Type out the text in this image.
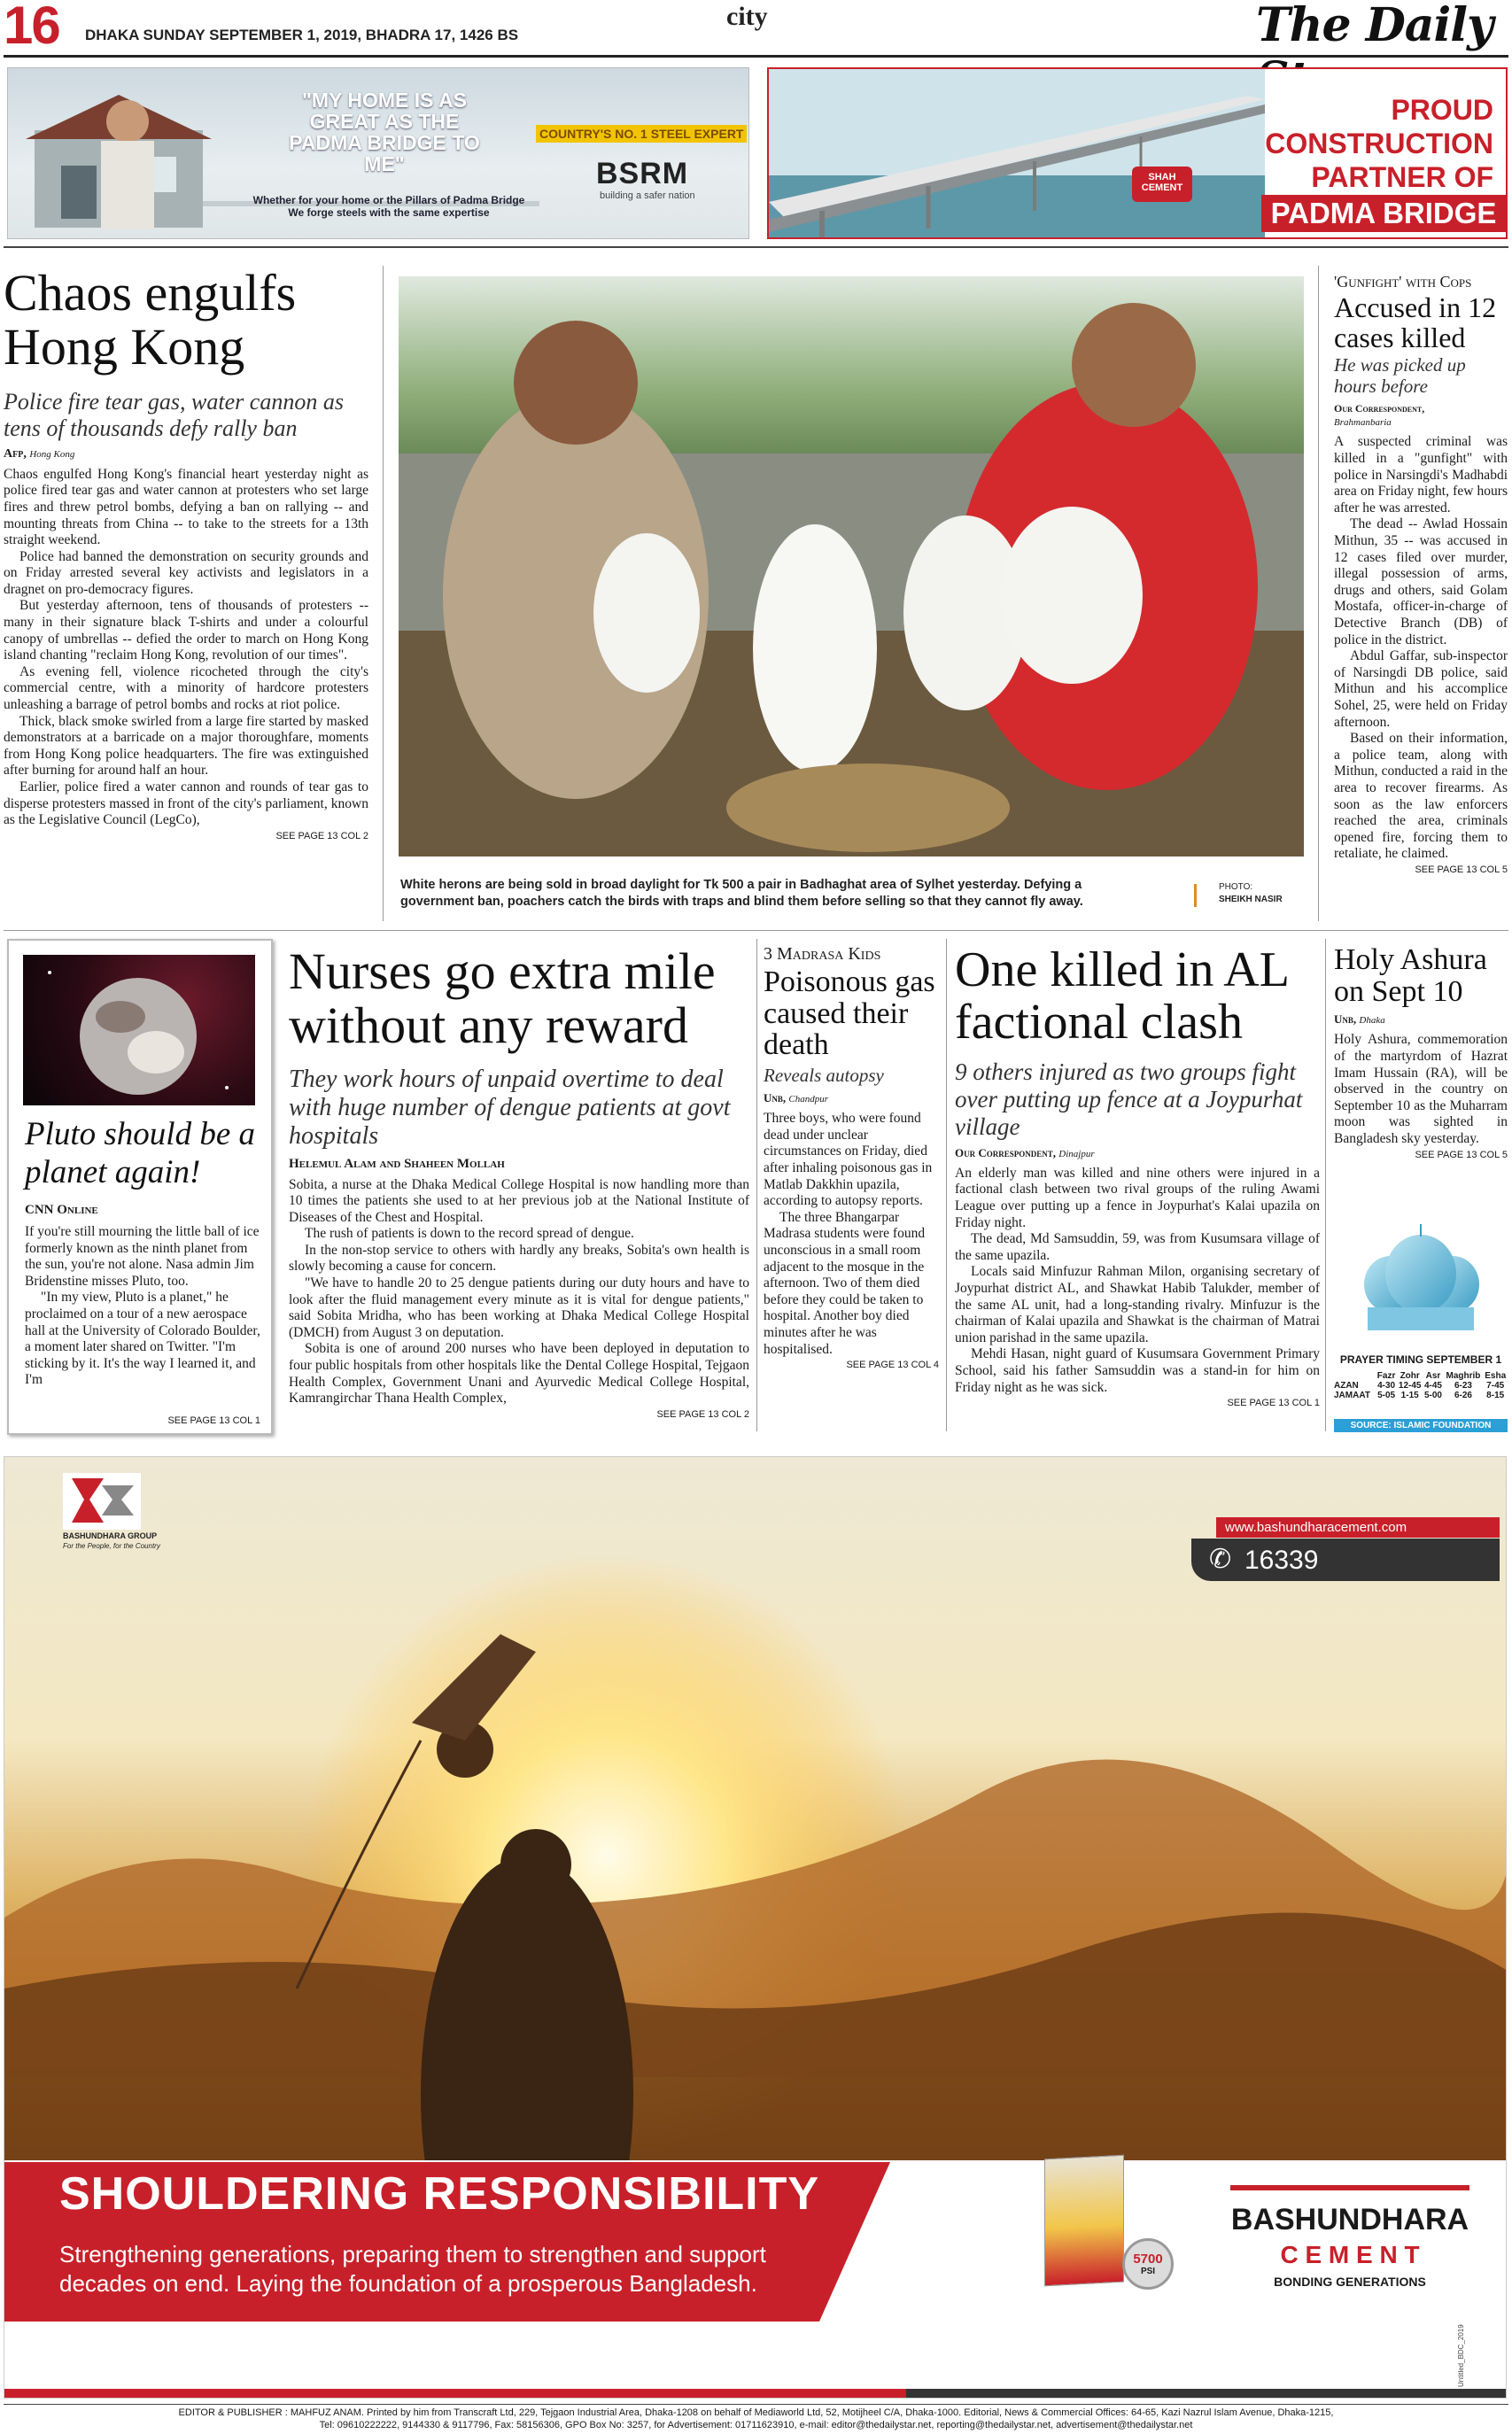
16 DHAKA SUNDAY SEPTEMBER 1, 2019, BHADRA 17, 1426 BS
city	The Daily
"MY HOME IS AS GREAT AS THE PADMA BRIDGE TO ME"
COUNTRY'S NO. 1 STEEL EXPERT
BSRM
building a safer nation
Whether for your home or the Pillars of Padma Bridge
We forge steels with the same expertise
SHAH CEMENT
PROUD
CONSTRUCTION
PARTNER OF
PADMA BRIDGE
Chaos engulfs Hong Kong
Police fire tear gas, water cannon as tens of thousands defy rally ban
Afp, Hong Kong

Chaos engulfed Hong Kong's financial heart yesterday night as police fired tear gas and water cannon at protesters who set large fires and threw petrol bombs, defying a ban on rallying -- and mounting threats from China -- to take to the streets for a 13th straight weekend.

Police had banned the demonstration on security grounds and on Friday arrested several key activists and legislators in a dragnet on pro-democracy figures.

But yesterday afternoon, tens of thousands of protesters -- many in their signature black T-shirts and under a colourful canopy of umbrellas -- defied the order to march on Hong Kong island chanting "reclaim Hong Kong, revolution of our times".

As evening fell, violence ricocheted through the city's commercial centre, with a minority of hardcore protesters unleashing a barrage of petrol bombs and rocks at riot police.

Thick, black smoke swirled from a large fire started by masked demonstrators at a barricade on a major thoroughfare, moments from Hong Kong police headquarters. The fire was extinguished after burning for around half an hour.

Earlier, police fired a water cannon and rounds of tear gas to disperse protesters massed in front of the city's parliament, known as the Legislative Council (LegCo),

SEE PAGE 13 COL 2
White herons are being sold in broad daylight for Tk 500 a pair in Badhaghat area of Sylhet yesterday. Defying a government ban, poachers catch the birds with traps and blind them before selling so that they cannot fly away.
PHOTO:
SHEIKH NASIR
'Gunfight' with Cops
Accused in 12 cases killed
He was picked up hours before
Our Correspondent,
Brahmanbaria

A suspected criminal was killed in a "gunfight" with police in Narsingdi's Madhabdi area on Friday night, few hours after he was arrested.

The dead -- Awlad Hossain Mithun, 35 -- was accused in 12 cases filed over murder, illegal possession of arms, drugs and others, said Golam Mostafa, officer-in-charge of Detective Branch (DB) of police in the district.

Abdul Gaffar, sub-inspector of Narsingdi DB police, said Mithun and his accomplice Sohel, 25, were held on Friday afternoon.

Based on their information, a police team, along with Mithun, conducted a raid in the area to recover firearms. As soon as the law enforcers reached the area, criminals opened fire, forcing them to retaliate, he claimed.

SEE PAGE 13 COL 5
Pluto should be a planet again!
CNN Online

If you're still mourning the little ball of ice formerly known as the ninth planet from the sun, you're not alone. Nasa admin Jim Bridenstine misses Pluto, too.

"In my view, Pluto is a planet," he proclaimed on a tour of a new aerospace hall at the University of Colorado Boulder, a moment later shared on Twitter. "I'm sticking by it. It's the way I learned it, and I'm

SEE PAGE 13 COL 1
Nurses go extra mile without any reward
They work hours of unpaid overtime to deal with huge number of dengue patients at govt hospitals
Helemul Alam and Shaheen Mollah

Sobita, a nurse at the Dhaka Medical College Hospital is now handling more than 10 times the patients she used to at her previous job at the National Institute of Diseases of the Chest and Hospital.

The rush of patients is down to the record spread of dengue.

In the non-stop service to others with hardly any breaks, Sobita's own health is slowly becoming a cause for concern.

"We have to handle 20 to 25 dengue patients during our duty hours and have to look after the fluid management every minute as it is vital for dengue patients," said Sobita Mridha, who has been working at Dhaka Medical College Hospital (DMCH) from August 3 on deputation.

Sobita is one of around 200 nurses who have been deployed in deputation to four public hospitals from other hospitals like the Dental College Hospital, Tejgaon Health Complex, Government Unani and Ayurvedic Medical College Hospital, Kamrangirchar Thana Health Complex,

SEE PAGE 13 COL 2
3 Madrasa Kids
Poisonous gas caused their death
Reveals autopsy
Unb, Chandpur

Three boys, who were found dead under unclear circumstances on Friday, died after inhaling poisonous gas in Matlab Dakkhin upazila, according to autopsy reports.

The three Bhangarpar Madrasa students were found unconscious in a small room adjacent to the mosque in the afternoon. Two of them died before they could be taken to hospital. Another boy died minutes after he was hospitalised.

SEE PAGE 13 COL 4
One killed in AL factional clash
9 others injured as two groups fight over putting up fence at a Joypurhat village
Our Correspondent, Dinajpur

An elderly man was killed and nine others were injured in a factional clash between two rival groups of the ruling Awami League over putting up a fence in Joypurhat's Kalai upazila on Friday night.

The dead, Md Samsuddin, 59, was from Kusumsara village of the same upazila.

Locals said Minfuzur Rahman Milon, organising secretary of Joypurhat district AL, and Shawkat Habib Talukder, member of the same AL unit, had a long-standing rivalry. Minfuzur is the chairman of Kalai upazila and Shawkat is the chairman of Matrai union parishad in the same upazila.

Mehdi Hasan, night guard of Kusumsara Government Primary School, said his father Samsuddin was a stand-in for him on Friday night as he was sick.

SEE PAGE 13 COL 1
Holy Ashura on Sept 10
Unb, Dhaka

Holy Ashura, commemoration of the martyrdom of Hazrat Imam Hussain (RA), will be observed in the country on September 10 as the Muharram moon was sighted in Bangladesh sky yesterday.

SEE PAGE 13 COL 5
PRAYER TIMING SEPTEMBER 1
	Fazr	Zohr	Asr	Maghrib	Esha
AZAN	4-30	12-45	4-45	6-23	7-45
JAMAAT	5-05	1-15	5-00	6-26	8-15
SOURCE: ISLAMIC FOUNDATION
BASHUNDHARA GROUP
For the People, for the Country
www.bashundharacement.com
✆ 16339
SHOULDERING RESPONSIBILITY
Strengthening generations, preparing them to strengthen and support decades on end. Laying the foundation of a prosperous Bangladesh.
5700
PSI
BASHUNDHARA
C E M E N T
BONDING GENERATIONS
Untitled_BDC_2019
EDITOR & PUBLISHER : MAHFUZ ANAM. Printed by him from Transcraft Ltd, 229, Tejgaon Industrial Area, Dhaka-1208 on behalf of Mediaworld Ltd, 52, Motijheel C/A, Dhaka-1000. Editorial, News & Commercial Offices: 64-65, Kazi Nazrul Islam Avenue, Dhaka-1215,
Tel: 09610222222, 9144330 & 9117796, Fax: 58156306, GPO Box No: 3257, for Advertisement: 01711623910, e-mail: editor@thedailystar.net, reporting@thedailystar.net, advertisement@thedailystar.net
